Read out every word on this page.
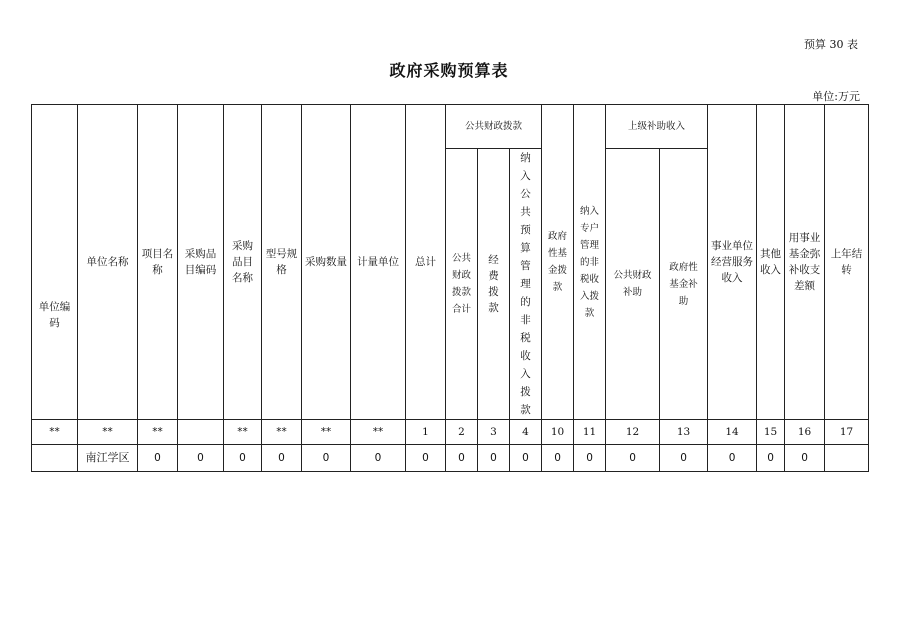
预算 30 表
政府采购预算表
单位:万元
单位编码	单位名称	项目名称	采购品目编码	采购品目名称	型号规格	采购数量	计量单位	总计	公共财政拨款			政府性基金拨款	纳入专户管理的非税收入拨款	上级补助收入		事业单位经营服务收入	其他收入	用事业基金弥补收支差额	上年结转
									公共财政拨款合计	经费拨款	纳入公共预算管理的非税收入拨款			公共财政补助	政府性基金补助				
**	**	**		**	**	**	**	1	2	3	4	10	11	12	13	14	15	16	17
	南江学区	0	0	0	0	0	0	0	0	0	0	0	0	0	0	0	0	0	
